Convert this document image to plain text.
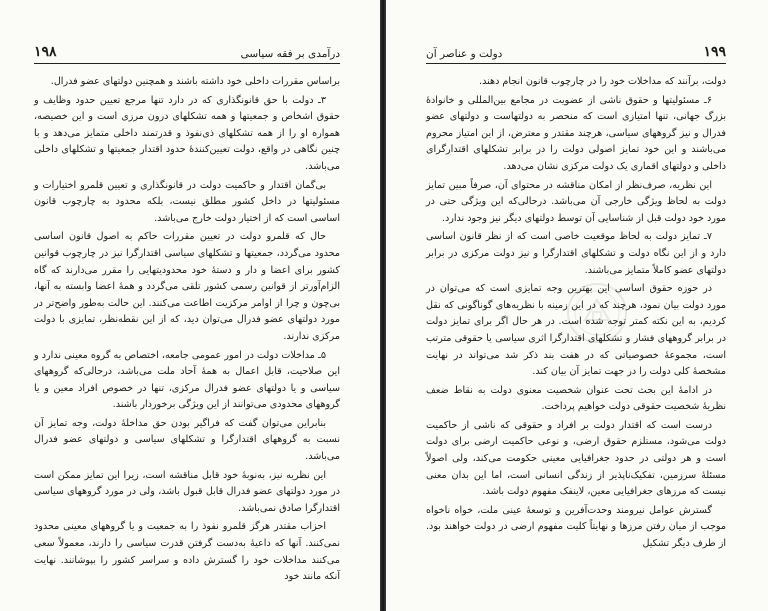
۱۹۸	درآمدی بر فقه سیاسی

براساس مقررات داخلی خود داشته باشند و همچنین دولتهای عضو فدرال.

۳ـ دولت با حق قانونگذاری که در دارد تنها مرجع تعیین حدود وظایف و حقوق اشخاص و جمعیتها و همه تشکلهای درون مرزی است و این خصیصه، همواره او را از همه تشکلهای ذی‌نفوذ و قدرتمند داخلی متمایز می‌دهد و با چنین نگاهی در واقع، دولت تعیین‌کنندهٔ حدود اقتدار جمعیتها و تشکلهای داخلی می‌باشد.

بی‌گمان اقتدار و حاکمیت دولت در قانونگذاری و تعیین قلمرو اختیارات و مسئولیتها در داخل کشور مطلق نیست، بلکه محدود به چارچوب قانون اساسی است که از اختیار دولت خارج می‌باشد.

حال که قلمرو دولت در تعیین مقررات حاکم به اصول قانون اساسی محدود می‌گردد، جمعیتها و تشکلهای سیاسی اقتدارگرا نیز در چارچوب قوانین کشور برای اعضا و دار و دستهٔ خود محدودیتهایی را مقرر می‌دارند که گاه الزام‌آورتر از قوانین رسمی کشور تلقی می‌گردد و همهٔ اعضا وابسته به آنها، بی‌چون و چرا از اوامر مرکزیت اطاعت می‌کنند. این حالت به‌طور واضح‌تر در مورد دولتهای عضو فدرال می‌توان دید، که از این نقطه‌نظر، تمایزی با دولت مرکزی ندارند.

۵ـ مداخلات دولت در امور عمومی جامعه، اختصاص به گروه معینی ندارد و این صلاحیت، قابل اعمال به همهٔ آحاد ملت می‌باشد، درحالی‌که گروههای سیاسی و یا دولتهای عضو فدرال مرکزی، تنها در خصوص افراد معین و یا گروههای محدودی می‌توانند از این ویژگی برخوردار باشند.

بنابراین می‌توان گفت که فراگیر بودن حق مداخلهٔ دولت، وجه تمایز آن نسبت به گروههای اقتدارگرا و تشکلهای سیاسی و دولتهای عضو فدرال می‌باشد.

این نظریه نیز، به‌نوبهٔ خود قابل مناقشه است، زیرا این تمایز ممکن است در مورد دولتهای عضو فدرال قابل قبول باشد، ولی در مورد گروههای سیاسی اقتدارگرا صادق نمی‌باشد.

احزاب مقتدر هرگز قلمرو نفوذ را به جمعیت و یا گروههای معینی محدود نمی‌کنند. آنها که داعیهٔ به‌دست گرفتن قدرت سیاسی را دارند، معمولاً سعی می‌کنند مداخلات خود را گسترش داده و سراسر کشور را بپوشانند. نهایت آنکه مانند خود

دولت و عناصر آن	۱۹۹

دولت، برآنند که مداخلات خود را در چارچوب قانون انجام دهند.

۶ـ مسئولیتها و حقوق ناشی از عضویت در مجامع بین‌المللی و خانوادهٔ بزرگ جهانی، تنها امتیازی است که منحصر به دولتهاست و دولتهای عضو فدرال و نیز گروههای سیاسی، هرچند مقتدر و معترض، از این امتیاز محروم می‌باشند و این خود تمایز اصولی دولت را در برابر تشکلهای اقتدارگرای داخلی و دولتهای اقماری یک دولت مرکزی نشان می‌دهد.

این نظریه، صرف‌نظر از امکان مناقشه در محتوای آن، صرفاً مبین تمایز دولت به لحاظ ویژگی خارجی آن می‌باشد. درحالی‌که این ویژگی حتی در مورد خود دولت قبل از شناسایی آن توسط دولتهای دیگر نیز وجود ندارد.

۷ـ تمایز دولت به لحاظ موقعیت خاصی است که از نظر قانون اساسی دارد و از این نگاه دولت و تشکلهای اقتدارگرا و نیز دولت مرکزی در برابر دولتهای عضو کاملاً متمایز می‌باشند.

در حوزه حقوق اساسی این بهترین وجه تمایزی است که می‌توان در مورد دولت بیان نمود، هرچند که در این زمینه با نظریه‌های گوناگونی که نقل کردیم، به این نکته کمتر توجه شده است. در هر حال اگر برای تمایز دولت در برابر گروههای فشار و تشکلهای اقتدارگرا اثری سیاسی یا حقوقی مترتب است، مجموعهٔ خصوصیاتی که در هفت بند ذکر شد می‌تواند در نهایت مشخصهٔ کلی دولت را در جهت تمایز آن بیان کند.

در ادامهٔ این بحث تحت عنوان شخصیت معنوی دولت به نقاط ضعف نظریهٔ شخصیت حقوقی دولت خواهیم پرداخت.

درست است که اقتدار دولت بر افراد و حقوقی که ناشی از حاکمیت دولت می‌شود، مستلزم حقوق ارضی، و نوعی حاکمیت ارضی برای دولت است و هر دولتی در حدود جغرافیایی معینی حکومت می‌کند، ولی اصولاً مسئلهٔ سرزمین، تفکیک‌ناپذیر از زندگی انسانی است، اما این بدان معنی نیست که مرزهای جغرافیایی معین، لاینفک مفهوم دولت باشد.

گسترش عوامل نیرومند وحدت‌آفرین و توسعهٔ عینی ملت، خواه ناخواه موجب از میان رفتن مرزها و نهایتاً کلیت مفهوم ارضی در دولت خواهند بود. از طرف دیگر تشکیل
